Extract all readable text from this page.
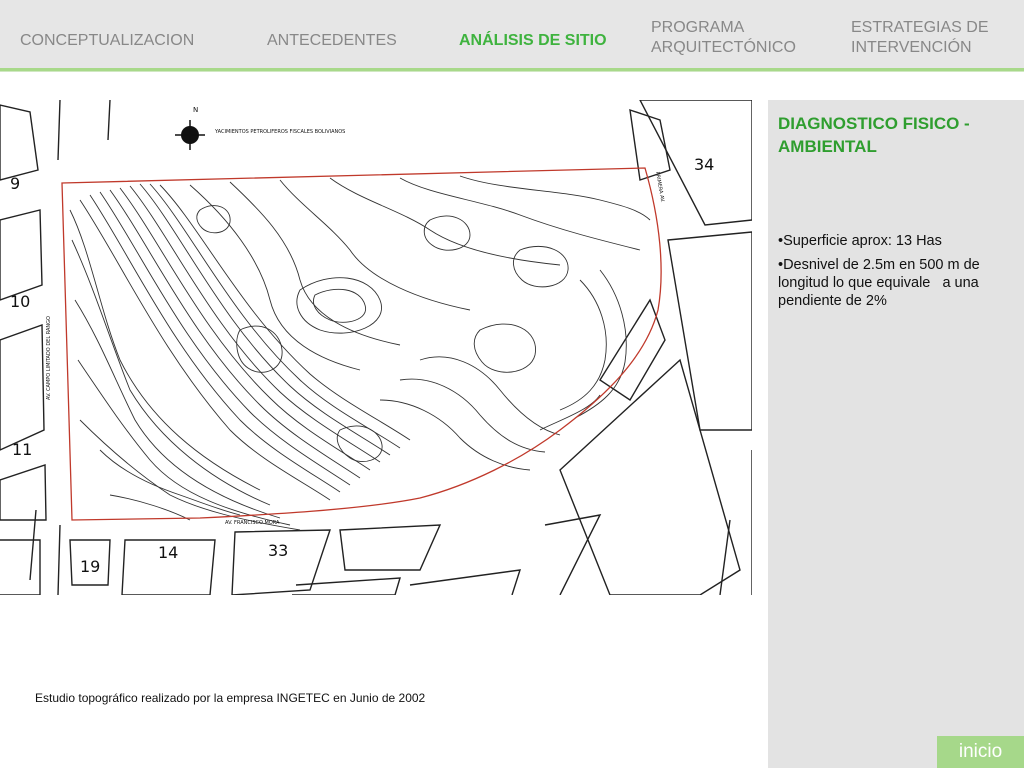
CONCEPTUALIZACION	ANTECEDENTES	ANÁLISIS DE SITIO
PROGRAMA
ARQUITECTÓNICO
ESTRATEGIAS DE
INTERVENCIÓN
N
YACIMIENTOS PETROLIFEROS FISCALES BOLIVIANOS
AV. CAMPO LIMITADO DEL RANGO
AV. FRANCISCO MORA
PRIMERA AV.
9
10
11
19
14	33
34
Estudio topográfico realizado por la empresa INGETEC en Junio de 2002
DIAGNOSTICO FISICO - AMBIENTAL
•Superficie aprox: 13 Has
•Desnivel de 2.5m en 500 m de longitud lo que equivale   a una pendiente de 2%
inicio
